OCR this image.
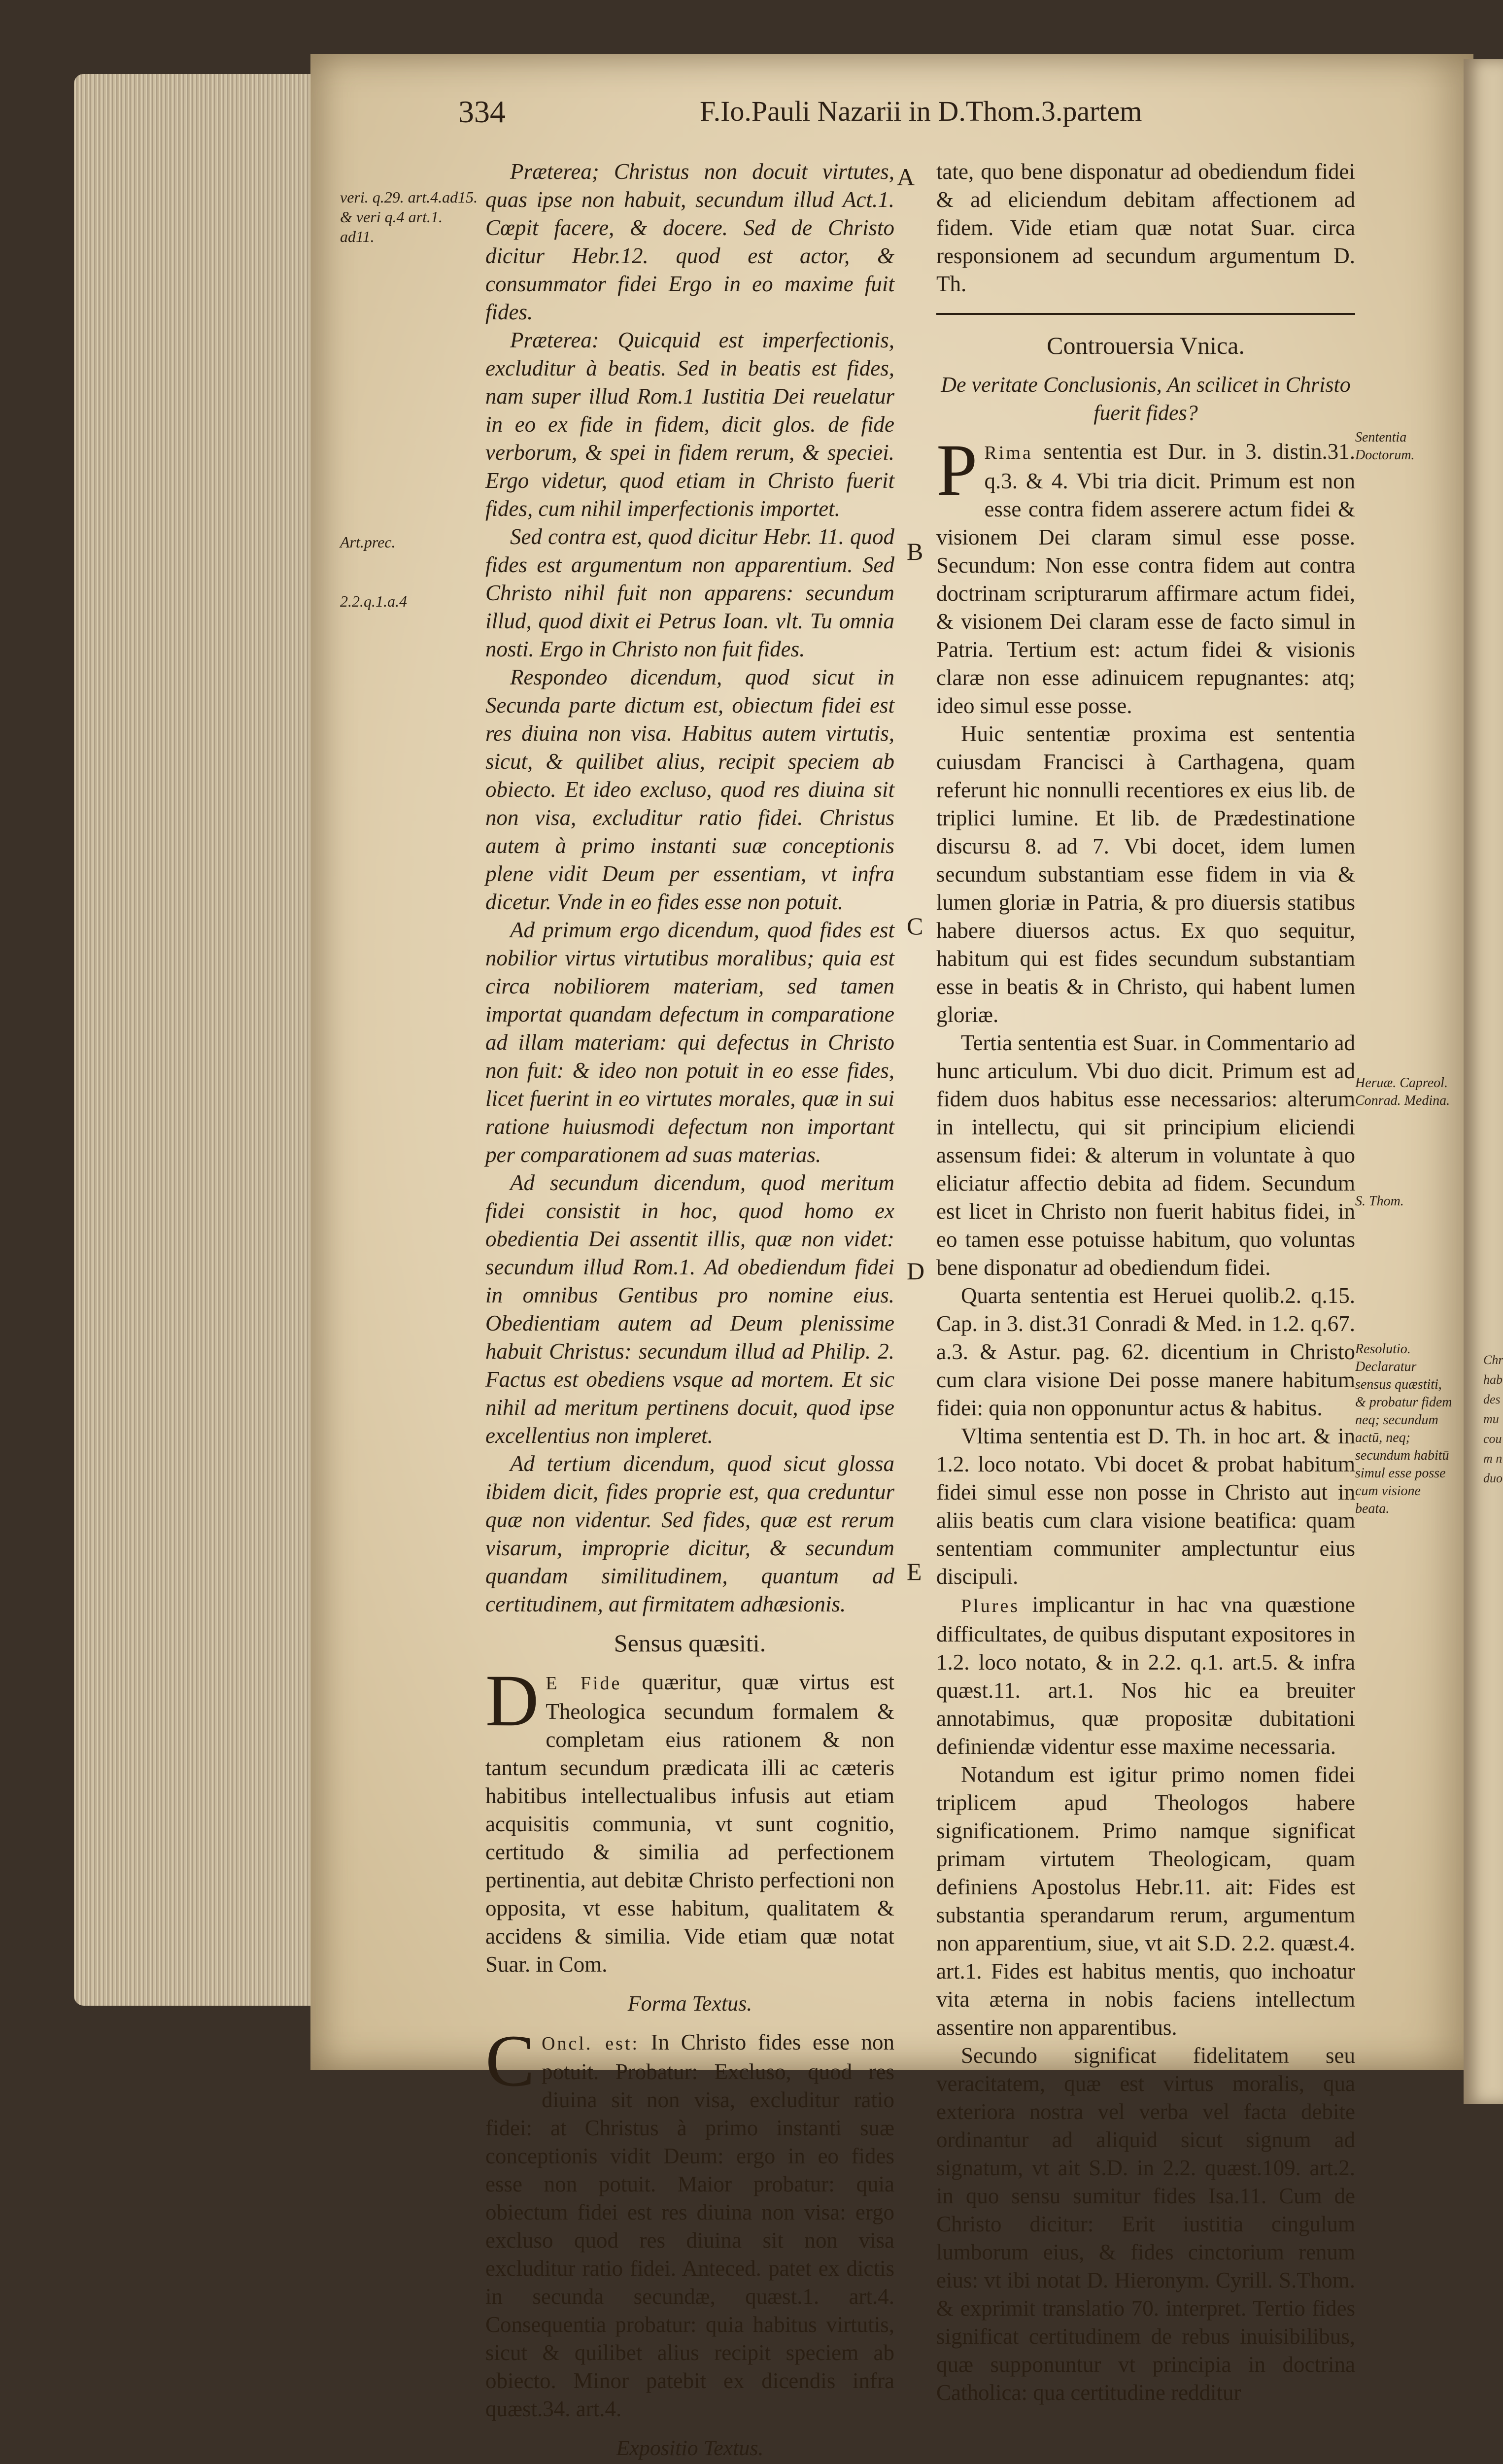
Chr hab des mu cou m n duo
334	F.Io.Pauli Nazarii in D.Thom.3.partem
veri. q.29. art.4.ad15. & veri q.4 art.1. ad11.
Art.prec.
2.2.q.1.a.4
A
B
C
D
E

Præterea; Christus non docuit virtutes, quas ipse non habuit, secundum illud Act.1. Cœpit facere, & docere. Sed de Christo dicitur Hebr.12. quod est actor, & consummator fidei Ergo in eo maxime fuit fides.

Præterea: Quicquid est imperfectionis, excluditur à beatis. Sed in beatis est fides, nam super illud Rom.1 Iustitia Dei reuelatur in eo ex fide in fidem, dicit glos. de fide verborum, & spei in fidem rerum, & speciei. Ergo videtur, quod etiam in Christo fuerit fides, cum nihil imperfectionis importet.

Sed contra est, quod dicitur Hebr. 11. quod fides est argumentum non apparentium. Sed Christo nihil fuit non apparens: secundum illud, quod dixit ei Petrus Ioan. vlt. Tu omnia nosti. Ergo in Christo non fuit fides.

Respondeo dicendum, quod sicut in Secunda parte dictum est, obiectum fidei est res diuina non visa. Habitus autem virtutis, sicut, & quilibet alius, recipit speciem ab obiecto. Et ideo excluso, quod res diuina sit non visa, excluditur ratio fidei. Christus autem à primo instanti suæ conceptionis plene vidit Deum per essentiam, vt infra dicetur. Vnde in eo fides esse non potuit.

Ad primum ergo dicendum, quod fides est nobilior virtus virtutibus moralibus; quia est circa nobiliorem materiam, sed tamen importat quandam defectum in comparatione ad illam materiam: qui defectus in Christo non fuit: & ideo non potuit in eo esse fides, licet fuerint in eo virtutes morales, quæ in sui ratione huiusmodi defectum non important per comparationem ad suas materias.

Ad secundum dicendum, quod meritum fidei consistit in hoc, quod homo ex obedientia Dei assentit illis, quæ non videt: secundum illud Rom.1. Ad obediendum fidei in omnibus Gentibus pro nomine eius. Obedientiam autem ad Deum plenissime habuit Christus: secundum illud ad Philip. 2. Factus est obediens vsque ad mortem. Et sic nihil ad meritum pertinens docuit, quod ipse excellentius non impleret.

Ad tertium dicendum, quod sicut glossa ibidem dicit, fides proprie est, qua creduntur quæ non videntur. Sed fides, quæ est rerum visarum, improprie dicitur, & secundum quandam similitudinem, quantum ad certitudinem, aut firmitatem adhæsionis.

Sensus quæsiti.

D E Fide quæritur, quæ virtus est Theologica secundum formalem & completam eius rationem & non tantum secundum prædicata illi ac cæteris habitibus intellectualibus infusis aut etiam acquisitis communia, vt sunt cognitio, certitudo & similia ad perfectionem pertinentia, aut debitæ Christo perfectioni non opposita, vt esse habitum, qualitatem & accidens & similia. Vide etiam quæ notat Suar. in Com.

Forma Textus.

C Oncl. est: In Christo fides esse non potuit. Probatur: Excluso, quod res diuina sit non visa, excluditur ratio fidei: at Christus à primo instanti suæ conceptionis vidit Deum: ergo in eo fides esse non potuit. Maior probatur: quia obiectum fidei est res diuina non visa: ergo excluso quod res diuina sit non visa excluditur ratio fidei. Anteced. patet ex dictis in secunda secundæ, quæst.1. art.4. Consequentia probatur: quia habitus virtutis, sicut & quilibet alius recipit speciem ab obiecto. Minor patebit ex dicendis infra quæst.34. art.4.

Expositio Textus.

tate, quo bene disponatur ad obediendum fidei & ad eliciendum debitam affectionem ad fidem. Vide etiam quæ notat Suar. circa responsionem ad secundum argumentum D. Th.

Controuersia Vnica.
De veritate Conclusionis, An scilicet in Christo fuerit fides?

P Rima sententia est Dur. in 3. distin.31. q.3. & 4. Vbi tria dicit. Primum est non esse contra fidem asserere actum fidei & visionem Dei claram simul esse posse. Secundum: Non esse contra fidem aut contra doctrinam scripturarum affirmare actum fidei, & visionem Dei claram esse de facto simul in Patria. Tertium est: actum fidei & visionis claræ non esse adinuicem repugnantes: atq; ideo simul esse posse.

Huic sententiæ proxima est sententia cuiusdam Francisci à Carthagena, quam referunt hic nonnulli recentiores ex eius lib. de triplici lumine. Et lib. de Prædestinatione discursu 8. ad 7. Vbi docet, idem lumen secundum substantiam esse fidem in via & lumen gloriæ in Patria, & pro diuersis statibus habere diuersos actus. Ex quo sequitur, habitum qui est fides secundum substantiam esse in beatis & in Christo, qui habent lumen gloriæ.

Tertia sententia est Suar. in Commentario ad hunc articulum. Vbi duo dicit. Primum est ad fidem duos habitus esse necessarios: alterum in intellectu, qui sit principium eliciendi assensum fidei: & alterum in voluntate à quo eliciatur affectio debita ad fidem. Secundum est licet in Christo non fuerit habitus fidei, in eo tamen esse potuisse habitum, quo voluntas bene disponatur ad obediendum fidei.

Quarta sententia est Heruei quolib.2. q.15. Cap. in 3. dist.31 Conradi & Med. in 1.2. q.67. a.3. & Astur. pag. 62. dicentium in Christo cum clara visione Dei posse manere habitum fidei: quia non opponuntur actus & habitus.

Vltima sententia est D. Th. in hoc art. & in 1.2. loco notato. Vbi docet & probat habitum fidei simul esse non posse in Christo aut in aliis beatis cum clara visione beatifica: quam sententiam communiter amplectuntur eius discipuli.

Plures implicantur in hac vna quæstione difficultates, de quibus disputant expositores in 1.2. loco notato, & in 2.2. q.1. art.5. & infra quæst.11. art.1. Nos hic ea breuiter annotabimus, quæ propositæ dubitationi definiendæ videntur esse maxime necessaria.

Notandum est igitur primo nomen fidei triplicem apud Theologos habere significationem. Primo namque significat primam virtutem Theologicam, quam definiens Apostolus Hebr.11. ait: Fides est substantia sperandarum rerum, argumentum non apparentium, siue, vt ait S.D. 2.2. quæst.4. art.1. Fides est habitus mentis, quo inchoatur vita æterna in nobis faciens intellectum assentire non apparentibus.

Secundo significat fidelitatem seu veracitatem, quæ est virtus moralis, qua exteriora nostra vel verba vel facta debite ordinantur ad aliquid sicut signum ad signatum, vt ait S.D. in 2.2. quæst.109. art.2. in quo sensu sumitur fides Isa.11. Cum de Christo dicitur: Erit iustitia cingulum lumborum eius, & fides cinctorium renum eius: vt ibi notat D. Hieronym. Cyrill. S.Thom. & exprimit translatio 70. interpret. Tertio fides significat certitudinem de rebus inuisibilibus, quæ supponuntur vt principia in doctrina Catholica: qua certitudine redditur

Sententia Doctorum.
Heruæ. Capreol. Conrad. Medina.
S. Thom.
Resolutio. Declaratur sensus quæstiti, & probatur fidem neq; secundum actū, neq; secundum habitū simul esse posse cum visione beata.
